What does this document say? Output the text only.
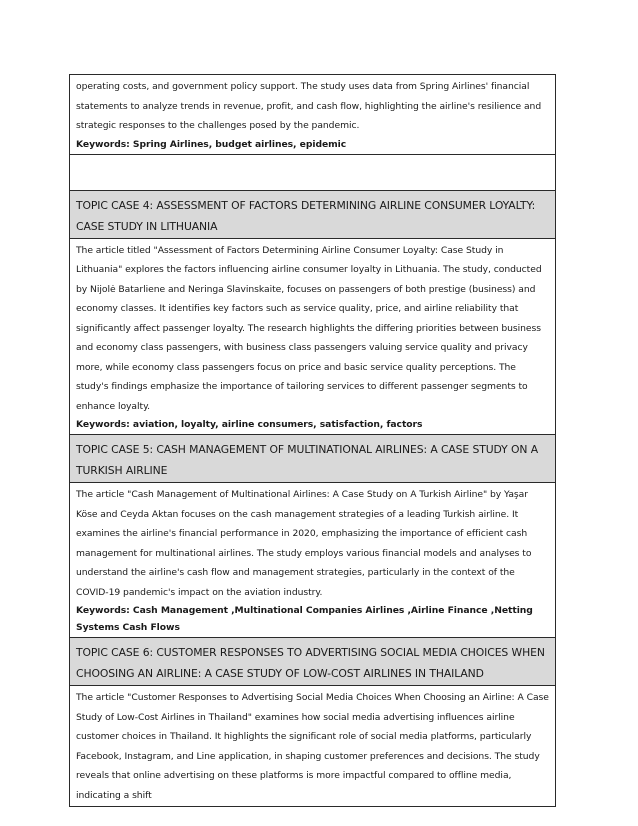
operating costs, and government policy support. The study uses data from Spring Airlines' financial statements to analyze trends in revenue, profit, and cash flow, highlighting the airline's resilience and strategic responses to the challenges posed by the pandemic.

Keywords: Spring Airlines, budget airlines, epidemic

TOPIC CASE 4: ASSESSMENT OF FACTORS DETERMINING AIRLINE CONSUMER LOYALTY: CASE STUDY IN LITHUANIA

The article titled "Assessment of Factors Determining Airline Consumer Loyalty: Case Study in Lithuania" explores the factors influencing airline consumer loyalty in Lithuania. The study, conducted by Nijolė Batarliene and Neringa Slavinskaite, focuses on passengers of both prestige (business) and economy classes. It identifies key factors such as service quality, price, and airline reliability that significantly affect passenger loyalty. The research highlights the differing priorities between business and economy class passengers, with business class passengers valuing service quality and privacy more, while economy class passengers focus on price and basic service quality perceptions. The study's findings emphasize the importance of tailoring services to different passenger segments to enhance loyalty.

Keywords: aviation, loyalty, airline consumers, satisfaction, factors

TOPIC CASE 5: CASH MANAGEMENT OF MULTINATIONAL AIRLINES: A CASE STUDY ON A TURKISH AIRLINE

The article "Cash Management of Multinational Airlines: A Case Study on A Turkish Airline" by Yaşar Köse and Ceyda Aktan focuses on the cash management strategies of a leading Turkish airline. It examines the airline's financial performance in 2020, emphasizing the importance of efficient cash management for multinational airlines. The study employs various financial models and analyses to understand the airline's cash flow and management strategies, particularly in the context of the COVID-19 pandemic's impact on the aviation industry.

Keywords: Cash Management ,Multinational Companies Airlines ,Airline Finance ,Netting Systems Cash Flows

TOPIC CASE 6: CUSTOMER RESPONSES TO ADVERTISING SOCIAL MEDIA CHOICES WHEN CHOOSING AN AIRLINE: A CASE STUDY OF LOW-COST AIRLINES IN THAILAND

The article "Customer Responses to Advertising Social Media Choices When Choosing an Airline: A Case Study of Low-Cost Airlines in Thailand" examines how social media advertising influences airline customer choices in Thailand. It highlights the significant role of social media platforms, particularly Facebook, Instagram, and Line application, in shaping customer preferences and decisions. The study reveals that online advertising on these platforms is more impactful compared to offline media, indicating a shift
